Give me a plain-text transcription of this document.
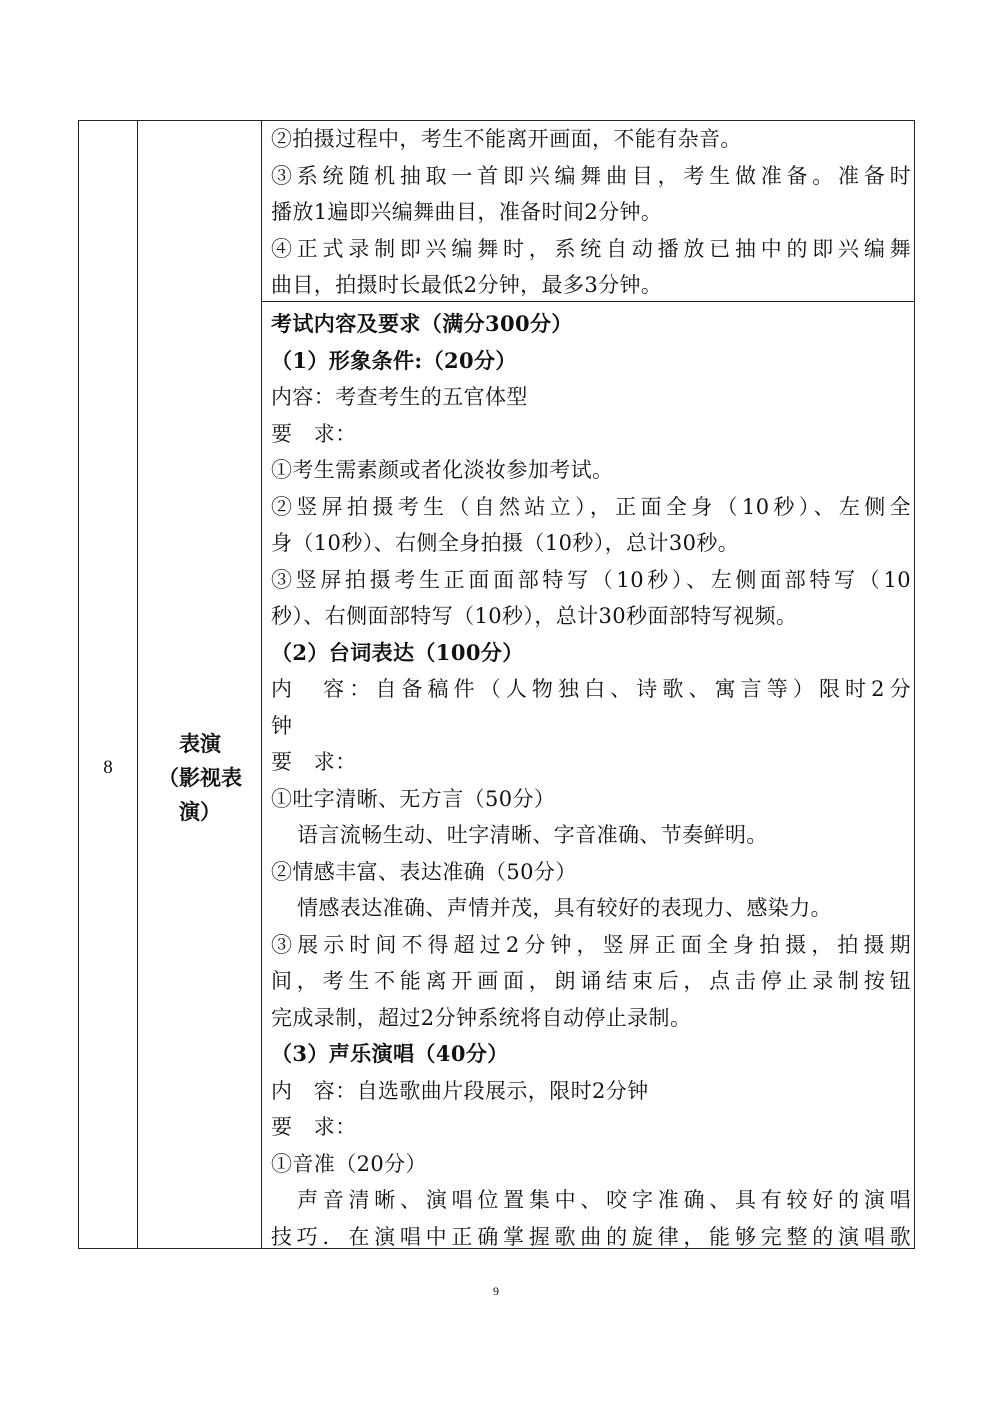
②拍摄过程中，考生不能离开画面，不能有杂音。
③系统随机抽取一首即兴编舞曲目，考生做准备。准备时
播放1遍即兴编舞曲目，准备时间2分钟。
④正式录制即兴编舞时，系统自动播放已抽中的即兴编舞
曲目，拍摄时长最低2分钟，最多3分钟。
8
表演
（影视表
演）
考试内容及要求（满分300分）
（1）形象条件:（20分）
内容：考查考生的五官体型
要　求：
①考生需素颜或者化淡妆参加考试。
②竖屏拍摄考生（自然站立），正面全身（10秒）、左侧全
身（10秒）、右侧全身拍摄（10秒），总计30秒。
③竖屏拍摄考生正面面部特写（10秒）、左侧面部特写（10
秒）、右侧面部特写（10秒），总计30秒面部特写视频。
（2）台词表达（100分）
内　容：自备稿件（人物独白、诗歌、寓言等）限时2分
钟
要　求：
①吐字清晰、无方言（50分）
语言流畅生动、吐字清晰、字音准确、节奏鲜明。
②情感丰富、表达准确（50分）
情感表达准确、声情并茂，具有较好的表现力、感染力。
③展示时间不得超过2分钟，竖屏正面全身拍摄，拍摄期
间，考生不能离开画面，朗诵结束后，点击停止录制按钮
完成录制，超过2分钟系统将自动停止录制。
（3）声乐演唱（40分）
内　容：自选歌曲片段展示，限时2分钟
要　求：
①音准（20分）
声音清晰、演唱位置集中、咬字准确、具有较好的演唱
技巧．在演唱中正确掌握歌曲的旋律，能够完整的演唱歌
9
